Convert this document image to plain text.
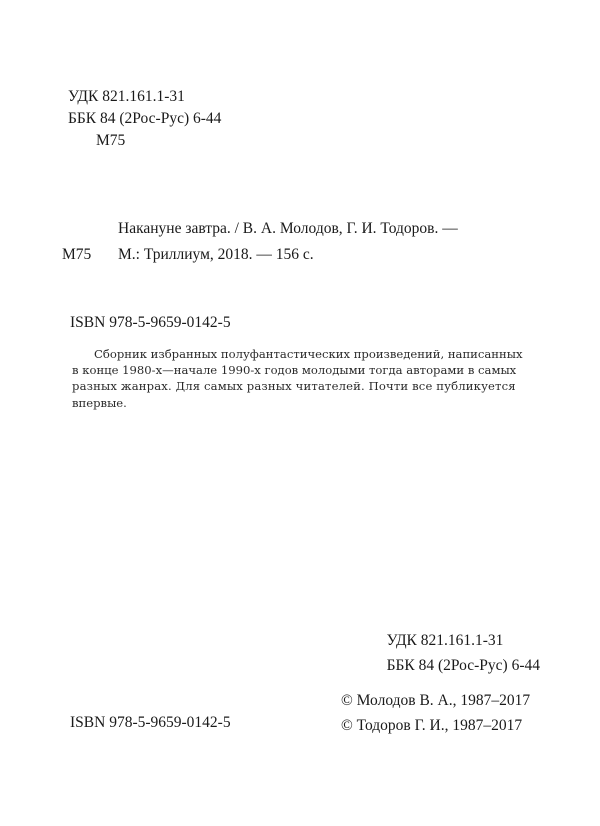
УДК 821.161.1-31
ББК 84 (2Рос-Рус) 6-44
М75
М75
Накануне завтра. / В. А. Молодов, Г. И. Тодоров. —
М.: Триллиум, 2018. — 156 с.
ISBN 978-5-9659-0142-5
Сборник избранных полуфантастических произведений, написанных
в конце 1980-х—начале 1990-х годов молодыми тогда авторами в самых
разных жанрах. Для самых разных читателей. Почти все публикуется
впервые.
УДК 821.161.1-31
ББК 84 (2Рос-Рус) 6-44
© Молодов В. А., 1987–2017
© Тодоров Г. И., 1987–2017
ISBN 978-5-9659-0142-5
